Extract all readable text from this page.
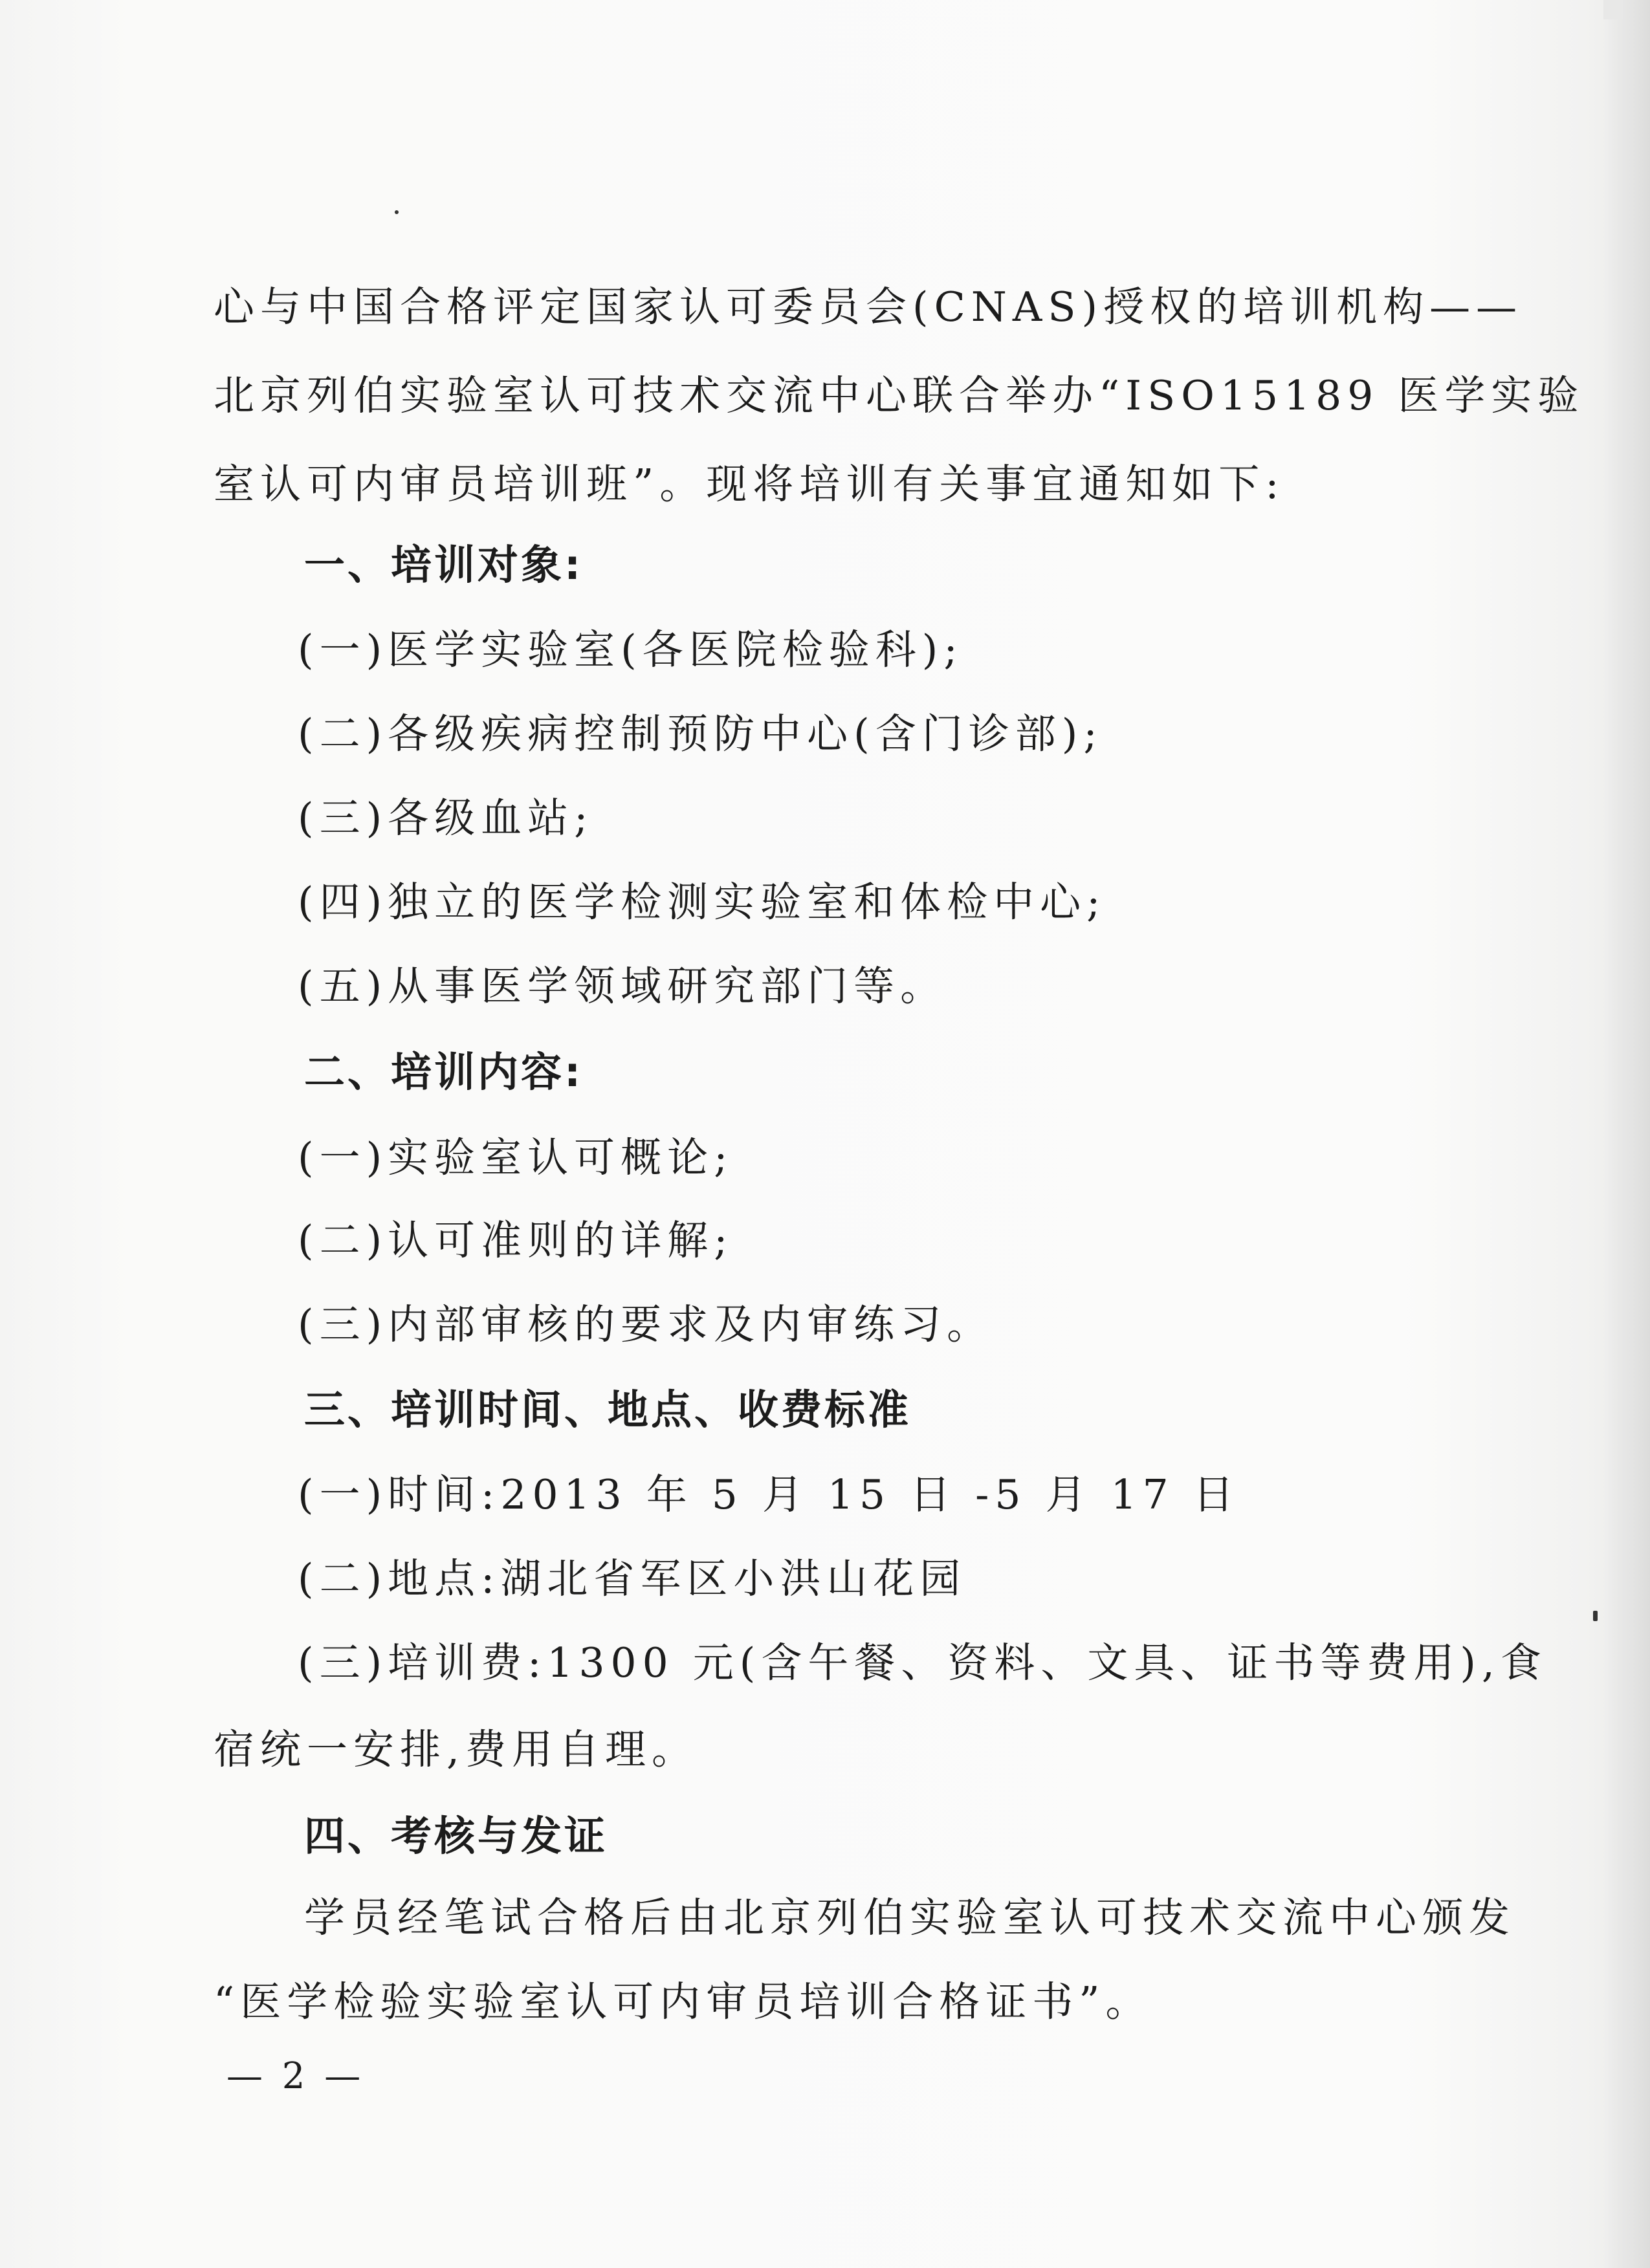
心与中国合格评定国家认可委员会(CNAS)授权的培训机构——
北京列伯实验室认可技术交流中心联合举办“ISO15189 医学实验
室认可内审员培训班”。现将培训有关事宜通知如下:
一、培训对象:
(一)医学实验室(各医院检验科);
(二)各级疾病控制预防中心(含门诊部);
(三)各级血站;
(四)独立的医学检测实验室和体检中心;
(五)从事医学领域研究部门等。
二、培训内容:
(一)实验室认可概论;
(二)认可准则的详解;
(三)内部审核的要求及内审练习。
三、培训时间、地点、收费标准
(一)时间:2013 年 5 月 15 日 -5 月 17 日
(二)地点:湖北省军区小洪山花园
(三)培训费:1300 元(含午餐、资料、文具、证书等费用),食
宿统一安排,费用自理。
四、考核与发证
学员经笔试合格后由北京列伯实验室认可技术交流中心颁发
“医学检验实验室认可内审员培训合格证书”。
— 2 —
